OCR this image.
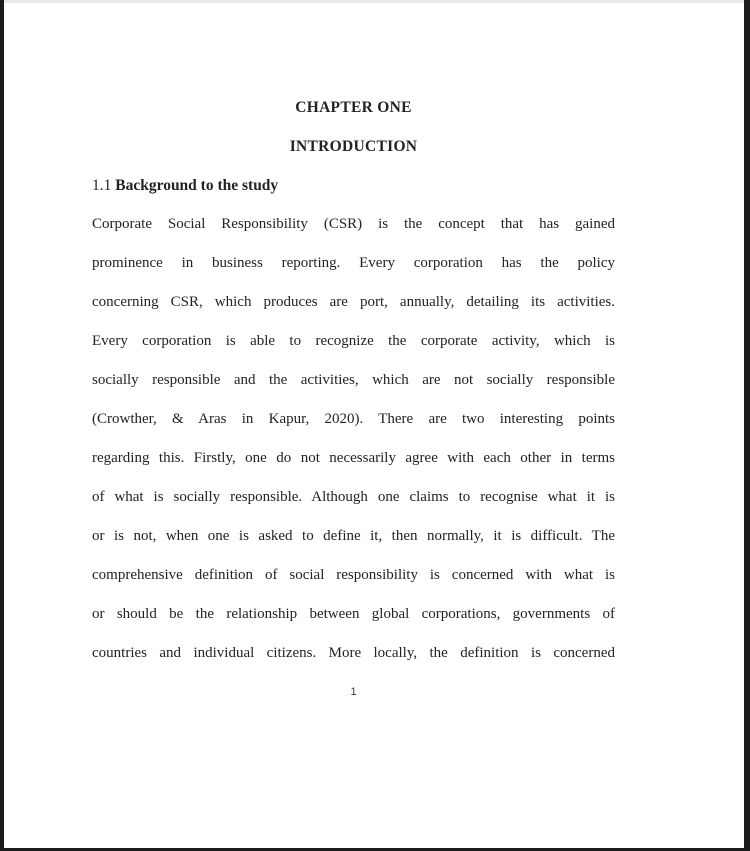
CHAPTER ONE
INTRODUCTION
1.1 Background to the study
Corporate Social Responsibility (CSR) is the concept that has gained
prominence in business reporting. Every corporation has the policy
concerning CSR, which produces are port, annually, detailing its activities.
Every corporation is able to recognize the corporate activity, which is
socially responsible and the activities, which are not socially responsible
(Crowther, & Aras in Kapur, 2020). There are two interesting points
regarding this. Firstly, one do not necessarily agree with each other in terms
of what is socially responsible. Although one claims to recognise what it is
or is not, when one is asked to define it, then normally, it is difficult. The
comprehensive definition of social responsibility is concerned with what is
or should be the relationship between global corporations, governments of
countries and individual citizens. More locally, the definition is concerned
1
